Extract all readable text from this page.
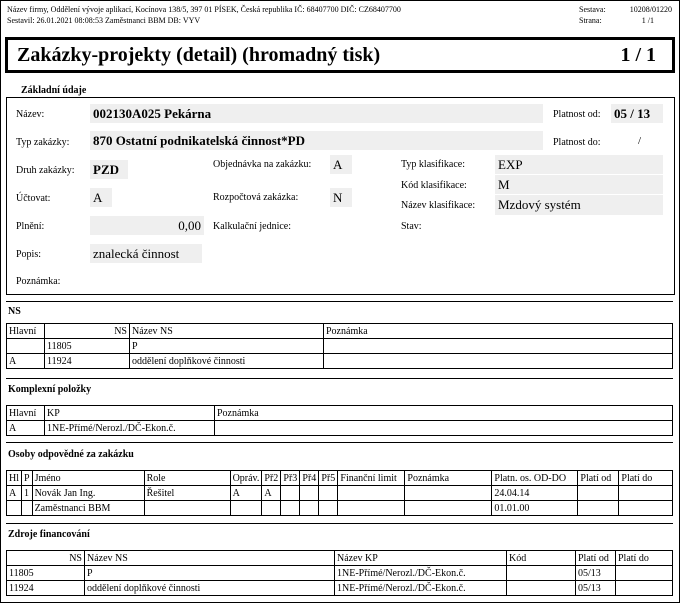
Název firmy, Oddělení vývoje aplikací, Kocínova 138/5, 397 01 PÍSEK, Česká republika IČ: 68407700 DIČ: CZ68407700
Sestavil: 26.01.2021 08:08:53 Zaměstnanci BBM DB: VYV
Sestava:	10208/01220
Strana:	1 /1
Zakázky-projekty (detail) (hromadný tisk)	1 / 1
Základní údaje
Název:	002130A025 Pekárna	Platnost od: 05 / 13
Typ zakázky: 870 Ostatní podnikatelská činnost*PD	Platnost do:	/
Druh zakázky: PZD	Objednávka na zakázku: A	Typ klasifikace:	EXP
Účtovat:	A	Rozpočtová zakázka:	N
Kód klasifikace: M
Název klasifikace: Mzdový systém
Plnění:	0,00	Kalkulační jednice:	Stav:
Popis:	znalecká činnost
Poznámka:
NS
Hlavní	NS	Název NS	Poznámka
	11805	P	
A	11924	oddělení doplňkové činnosti	
Komplexní položky
Hlavní	KP	Poznámka
A	1NE-Přímé/Nerozl./DČ-Ekon.č.	
Osoby odpovědné za zakázku
Hl	P	Jméno	Role	Opráv.	Př2	Př3	Př4	Př5	Finanční limit	Poznámka	Platn. os. OD-DO	Platí od	Platí do
A	1	Novák Jan Ing.	Řešitel	A	A						24.04.14		
		Zaměstnanci BBM									01.01.00		
Zdroje financování
NS	Název NS	Název KP	Kód	Platí od	Platí do
11805	P	1NE-Přímé/Nerozl./DČ-Ekon.č.		05/13	
11924	oddělení doplňkové činnosti	1NE-Přímé/Nerozl./DČ-Ekon.č.		05/13	
